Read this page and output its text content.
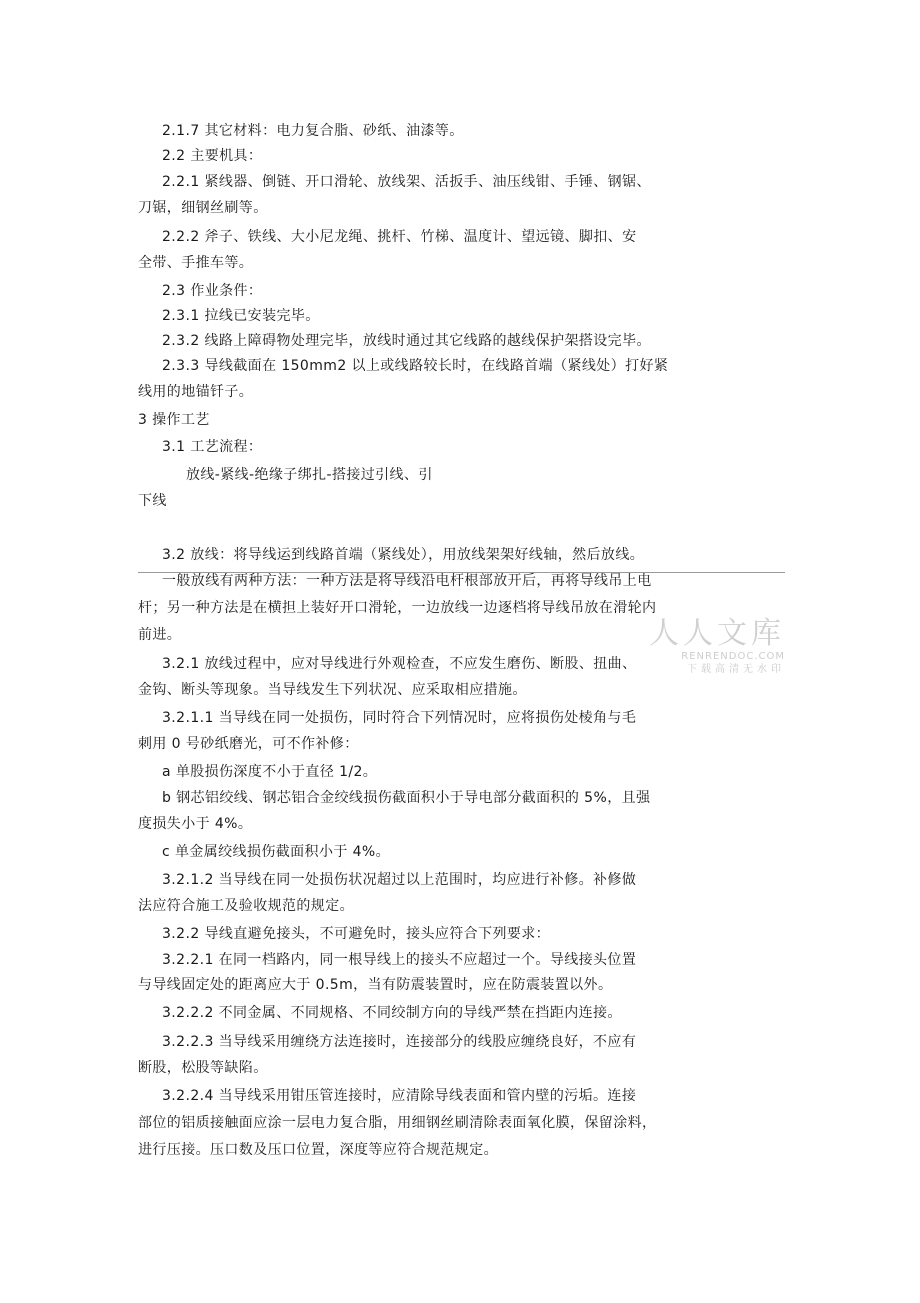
2.1.7 其它材料：电力复合脂、砂纸、油漆等。
2.2 主要机具：
2.2.1 紧线器、倒链、开口滑轮、放线架、活扳手、油压线钳、手锤、钢锯、
刀锯，细钢丝刷等。
2.2.2 斧子、铁线、大小尼龙绳、挑杆、竹梯、温度计、望远镜、脚扣、安
全带、手推车等。
2.3 作业条件：
2.3.1 拉线已安装完毕。
2.3.2 线路上障碍物处理完毕，放线时通过其它线路的越线保护架搭设完毕。
2.3.3 导线截面在 150mm2 以上或线路较长时，在线路首端（紧线处）打好紧
线用的地锚钎子。
3 操作工艺
3.1 工艺流程：
放线-紧线-绝缘子绑扎-搭接过引线、引
下线
3.2 放线：将导线运到线路首端（紧线处），用放线架架好线轴，然后放线。
一般放线有两种方法：一种方法是将导线沿电杆根部放开后，再将导线吊上电
杆；另一种方法是在横担上装好开口滑轮，一边放线一边逐档将导线吊放在滑轮内
前进。
3.2.1 放线过程中，应对导线进行外观检查，不应发生磨伤、断股、扭曲、
金钩、断头等现象。当导线发生下列状况、应采取相应措施。
3.2.1.1 当导线在同一处损伤，同时符合下列情况时，应将损伤处棱角与毛
刺用 0 号砂纸磨光，可不作补修：
a 单股损伤深度不小于直径 1/2。
b 钢芯铝绞线、钢芯铝合金绞线损伤截面积小于导电部分截面积的 5%，且强
度损失小于 4%。
c 单金属绞线损伤截面积小于 4%。
3.2.1.2 当导线在同一处损伤状况超过以上范围时，均应进行补修。补修做
法应符合施工及验收规范的规定。
3.2.2 导线直避免接头，不可避免时，接头应符合下列要求：
3.2.2.1 在同一档路内，同一根导线上的接头不应超过一个。导线接头位置
与导线固定处的距离应大于 0.5m，当有防震装置时，应在防震装置以外。
3.2.2.2 不同金属、不同规格、不同绞制方向的导线严禁在挡距内连接。
3.2.2.3 当导线采用缠绕方法连接时，连接部分的线股应缠绕良好，不应有
断股，松股等缺陷。
3.2.2.4 当导线采用钳压管连接时，应清除导线表面和管内壁的污垢。连接
部位的铝质接触面应涂一层电力复合脂，用细钢丝刷清除表面氧化膜，保留涂料，
进行压接。压口数及压口位置，深度等应符合规范规定。
人人文库
RENRENDOC.COM
下载高清无水印
